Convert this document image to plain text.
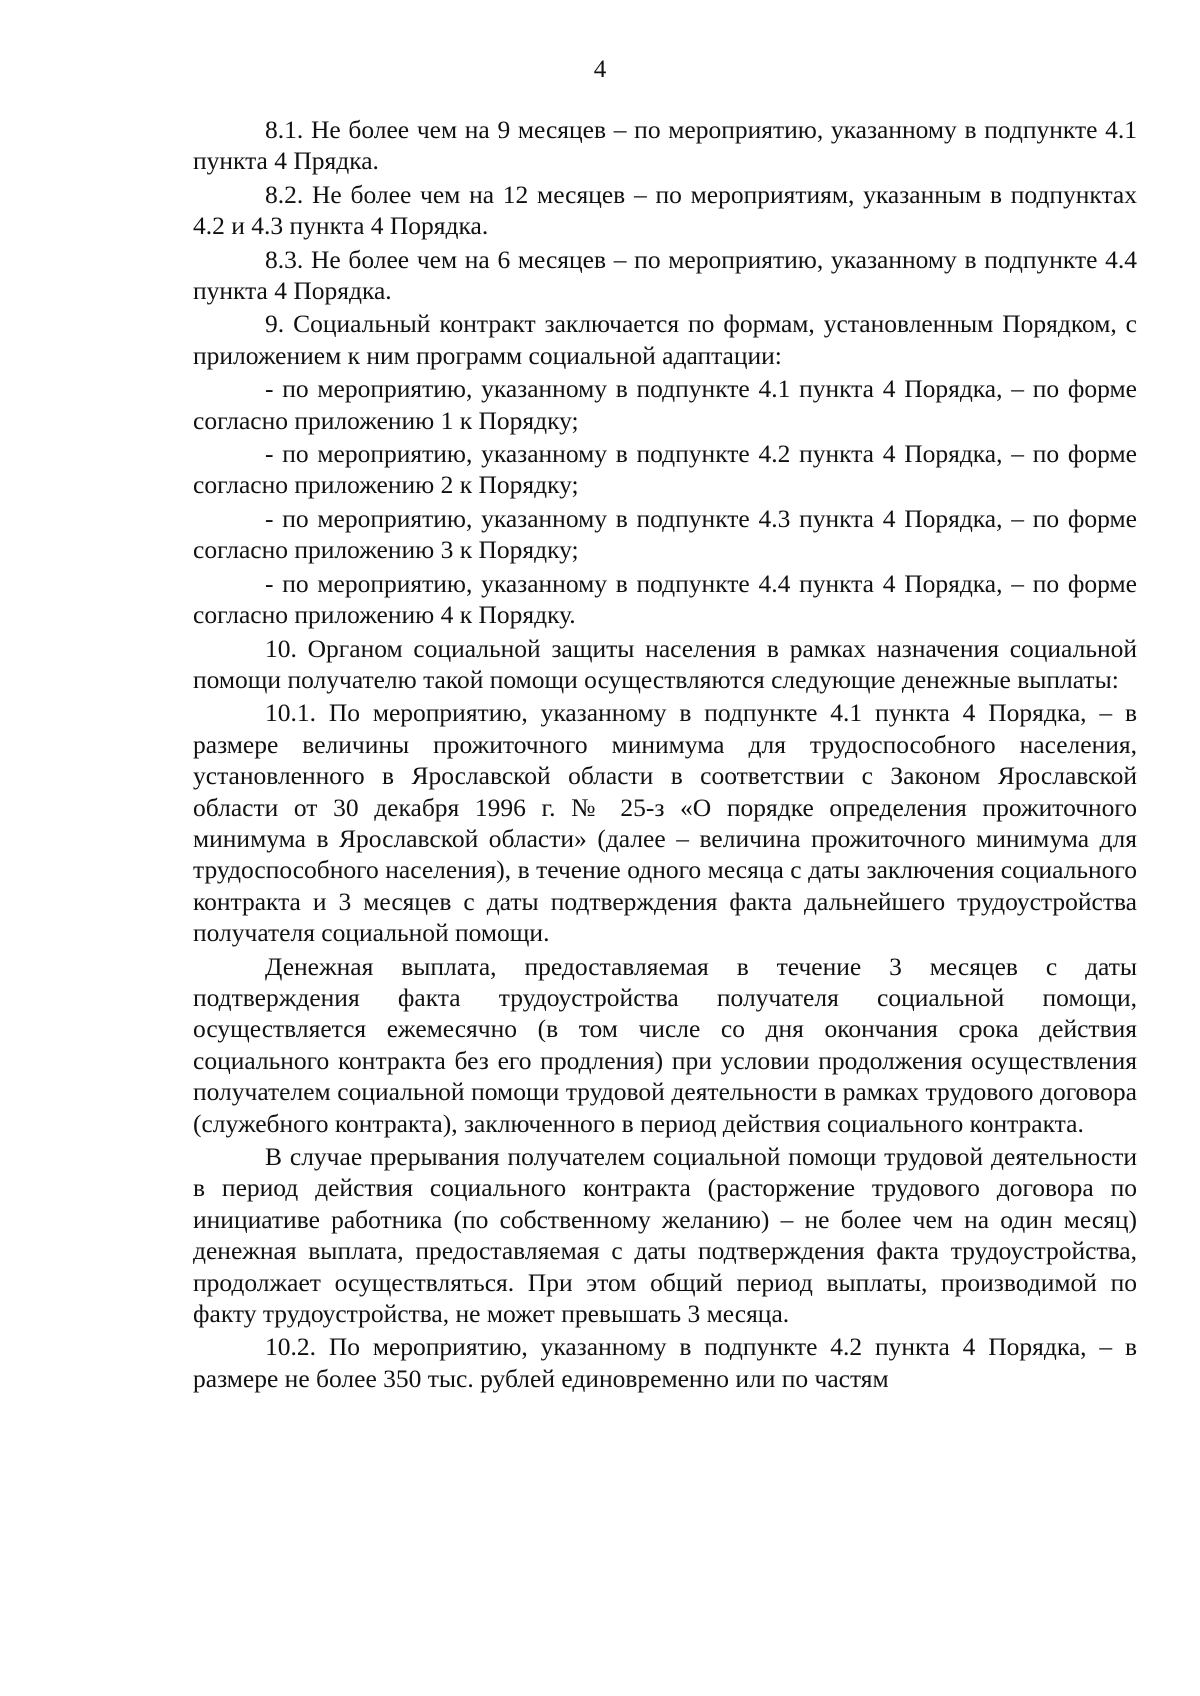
4

8.1. Не более чем на 9 месяцев – по мероприятию, указанному в подпункте 4.1 пункта 4 Прядка.

8.2. Не более чем на 12 месяцев – по мероприятиям, указанным в подпунктах 4.2 и 4.3 пункта 4 Порядка.

8.3. Не более чем на 6 месяцев – по мероприятию, указанному в подпункте 4.4 пункта 4 Порядка.

9. Социальный контракт заключается по формам, установленным Порядком, с приложением к ним программ социальной адаптации:

- по мероприятию, указанному в подпункте 4.1 пункта 4 Порядка, – по форме согласно приложению 1 к Порядку;

- по мероприятию, указанному в подпункте 4.2 пункта 4 Порядка, – по форме согласно приложению 2 к Порядку;

- по мероприятию, указанному в подпункте 4.3 пункта 4 Порядка, – по форме согласно приложению 3 к Порядку;

- по мероприятию, указанному в подпункте 4.4 пункта 4 Порядка, – по форме согласно приложению 4 к Порядку.

10. Органом социальной защиты населения в рамках назначения социальной помощи получателю такой помощи осуществляются следующие денежные выплаты:

10.1. По мероприятию, указанному в подпункте 4.1 пункта 4 Порядка, – в размере величины прожиточного минимума для трудоспособного населения, установленного в Ярославской области в соответствии с Законом Ярославской области от 30 декабря 1996 г. № 25-з «О порядке определения прожиточного минимума в Ярославской области» (далее – величина прожиточного минимума для трудоспособного населения), в течение одного месяца с даты заключения социального контракта и 3 месяцев с даты подтверждения факта дальнейшего трудоустройства получателя социальной помощи.

Денежная выплата, предоставляемая в течение 3 месяцев с даты подтверждения факта трудоустройства получателя социальной помощи, осуществляется ежемесячно (в том числе со дня окончания срока действия социального контракта без его продления) при условии продолжения осуществления получателем социальной помощи трудовой деятельности в рамках трудового договора (служебного контракта), заключенного в период действия социального контракта.

В случае прерывания получателем социальной помощи трудовой деятельности в период действия социального контракта (расторжение трудового договора по инициативе работника (по собственному желанию) – не более чем на один месяц) денежная выплата, предоставляемая с даты подтверждения факта трудоустройства, продолжает осуществляться. При этом общий период выплаты, производимой по факту трудоустройства, не может превышать 3 месяца.

10.2. По мероприятию, указанному в подпункте 4.2 пункта 4 Порядка, – в размере не более 350 тыс. рублей единовременно или по частям
